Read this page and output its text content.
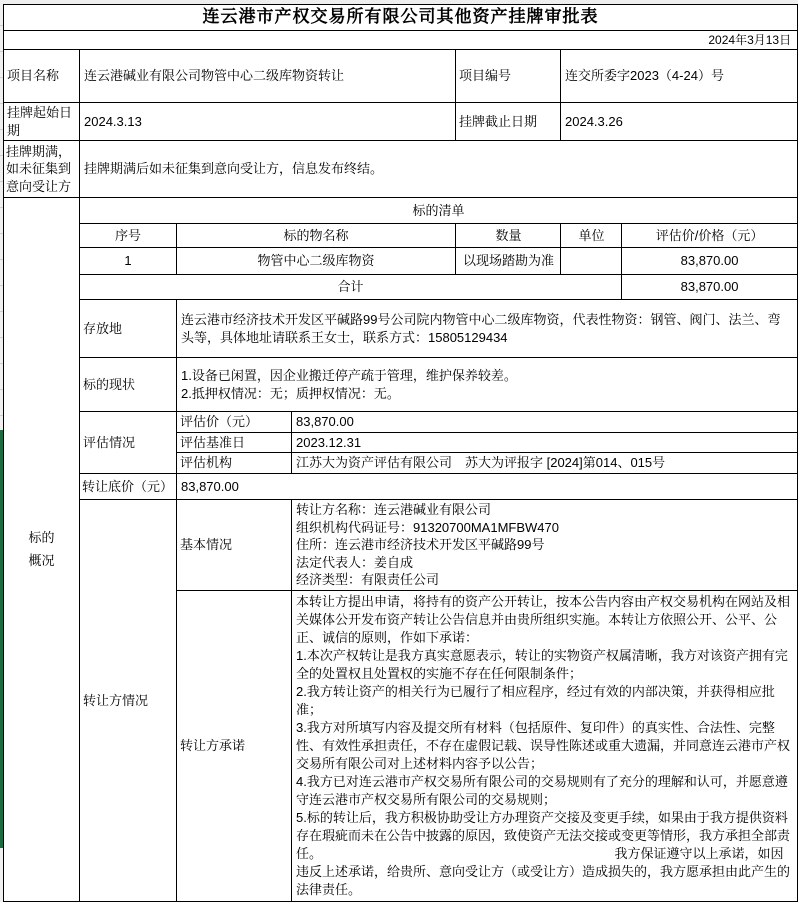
连云港市产权交易所有限公司其他资产挂牌审批表						
2024年3月13日						
项目名称	连云港碱业有限公司物管中心二级库物资转让			项目编号	连交所委字2023（4-24）号	
挂牌起始日期	2024.3.13			挂牌截止日期	2024.3.26	
挂牌期满，如未征集到意向受让方	挂牌期满后如未征集到意向受让方，信息发布终结。					
标的概况	标的清单					
	序号	标的物名称		数量	单位	评估价/价格（元）
	1	物管中心二级库物资		以现场踏勘为准		83,870.00
	合计					83,870.00
	存放地	连云港市经济技术开发区平碱路99号公司院内物管中心二级库物资，代表性物资：钢管、阀门、法兰、弯头等，具体地址请联系王女士，联系方式：15805129434				
	标的现状	1.设备已闲置，因企业搬迁停产疏于管理，维护保养较差。
2.抵押权情况：无；质押权情况：无。				

	评估情况	评估价（元）	83,870.00			
		评估基准日	2023.12.31			
		评估机构	江苏大为资产评估有限公司　苏大为评报字 [2024]第014、015号			
	转让底价（元）	83,870.00				
	转让方情况	基本情况	转让方名称：连云港碱业有限公司
组织机构代码证号：91320700MA1MFBW470
住所：连云港市经济技术开发区平碱路99号
法定代表人：姜自成
经济类型：有限责任公司			

转让方承诺	
本转让方提出申请，将持有的资产公开转让，按本公告内容由产权交易机构在网站及相关媒体公开发布资产转让公告信息并由贵所组织实施。本转让方依照公开、公平、公正、诚信的原则，作如下承诺：
1.本次产权转让是我方真实意愿表示，转让的实物资产权属清晰，我方对该资产拥有完全的处置权且处置权的实施不存在任何限制条件；
2.我方转让资产的相关行为已履行了相应程序，经过有效的内部决策，并获得相应批准；
3.我方对所填写内容及提交所有材料（包括原件、复印件）的真实性、合法性、完整性、有效性承担责任，不存在虚假记载、误导性陈述或重大遗漏，并同意连云港市产权交易所有限公司对上述材料内容予以公告；
4.我方已对连云港市产权交易所有限公司的交易规则有了充分的理解和认可，并愿意遵守连云港市产权交易所有限公司的交易规则；
5.标的转让后，我方积极协助受让方办理资产交接及变更手续，如果由于我方提供资料存在瑕疵而未在公告中披露的原因，致使资产无法交接或变更等情形，我方承担全部责任。　　　　　　　　　　　　　　　　　　　　　　　我方保证遵守以上承诺，如因违反上述承诺，给贵所、意向受让方（或受让方）造成损失的，我方愿承担由此产生的法律责任。
